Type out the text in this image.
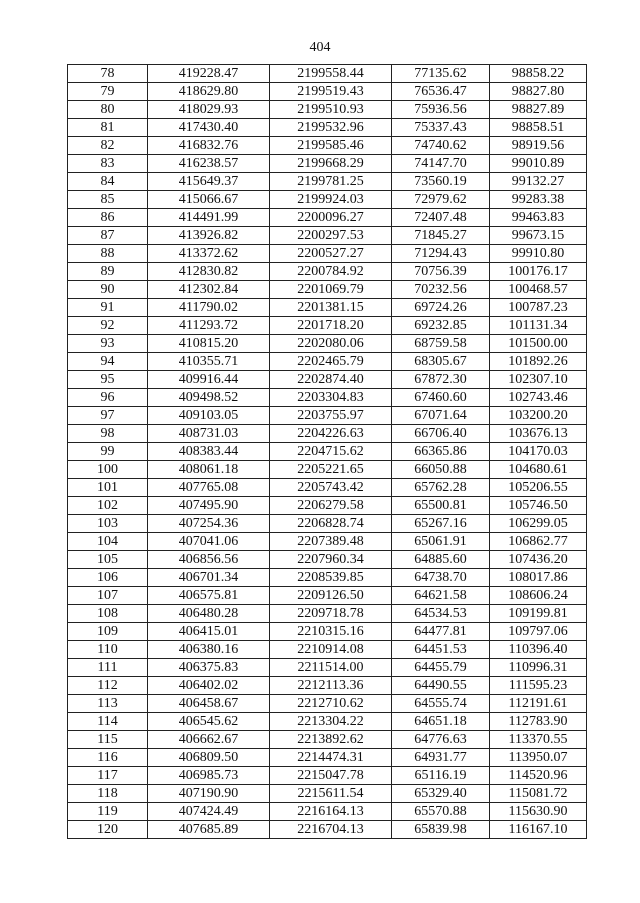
404
78	419228.47	2199558.44	77135.62	98858.22
79	418629.80	2199519.43	76536.47	98827.80
80	418029.93	2199510.93	75936.56	98827.89
81	417430.40	2199532.96	75337.43	98858.51
82	416832.76	2199585.46	74740.62	98919.56
83	416238.57	2199668.29	74147.70	99010.89
84	415649.37	2199781.25	73560.19	99132.27
85	415066.67	2199924.03	72979.62	99283.38
86	414491.99	2200096.27	72407.48	99463.83
87	413926.82	2200297.53	71845.27	99673.15
88	413372.62	2200527.27	71294.43	99910.80
89	412830.82	2200784.92	70756.39	100176.17
90	412302.84	2201069.79	70232.56	100468.57
91	411790.02	2201381.15	69724.26	100787.23
92	411293.72	2201718.20	69232.85	101131.34
93	410815.20	2202080.06	68759.58	101500.00
94	410355.71	2202465.79	68305.67	101892.26
95	409916.44	2202874.40	67872.30	102307.10
96	409498.52	2203304.83	67460.60	102743.46
97	409103.05	2203755.97	67071.64	103200.20
98	408731.03	2204226.63	66706.40	103676.13
99	408383.44	2204715.62	66365.86	104170.03
100	408061.18	2205221.65	66050.88	104680.61
101	407765.08	2205743.42	65762.28	105206.55
102	407495.90	2206279.58	65500.81	105746.50
103	407254.36	2206828.74	65267.16	106299.05
104	407041.06	2207389.48	65061.91	106862.77
105	406856.56	2207960.34	64885.60	107436.20
106	406701.34	2208539.85	64738.70	108017.86
107	406575.81	2209126.50	64621.58	108606.24
108	406480.28	2209718.78	64534.53	109199.81
109	406415.01	2210315.16	64477.81	109797.06
110	406380.16	2210914.08	64451.53	110396.40
111	406375.83	2211514.00	64455.79	110996.31
112	406402.02	2212113.36	64490.55	111595.23
113	406458.67	2212710.62	64555.74	112191.61
114	406545.62	2213304.22	64651.18	112783.90
115	406662.67	2213892.62	64776.63	113370.55
116	406809.50	2214474.31	64931.77	113950.07
117	406985.73	2215047.78	65116.19	114520.96
118	407190.90	2215611.54	65329.40	115081.72
119	407424.49	2216164.13	65570.88	115630.90
120	407685.89	2216704.13	65839.98	116167.10
